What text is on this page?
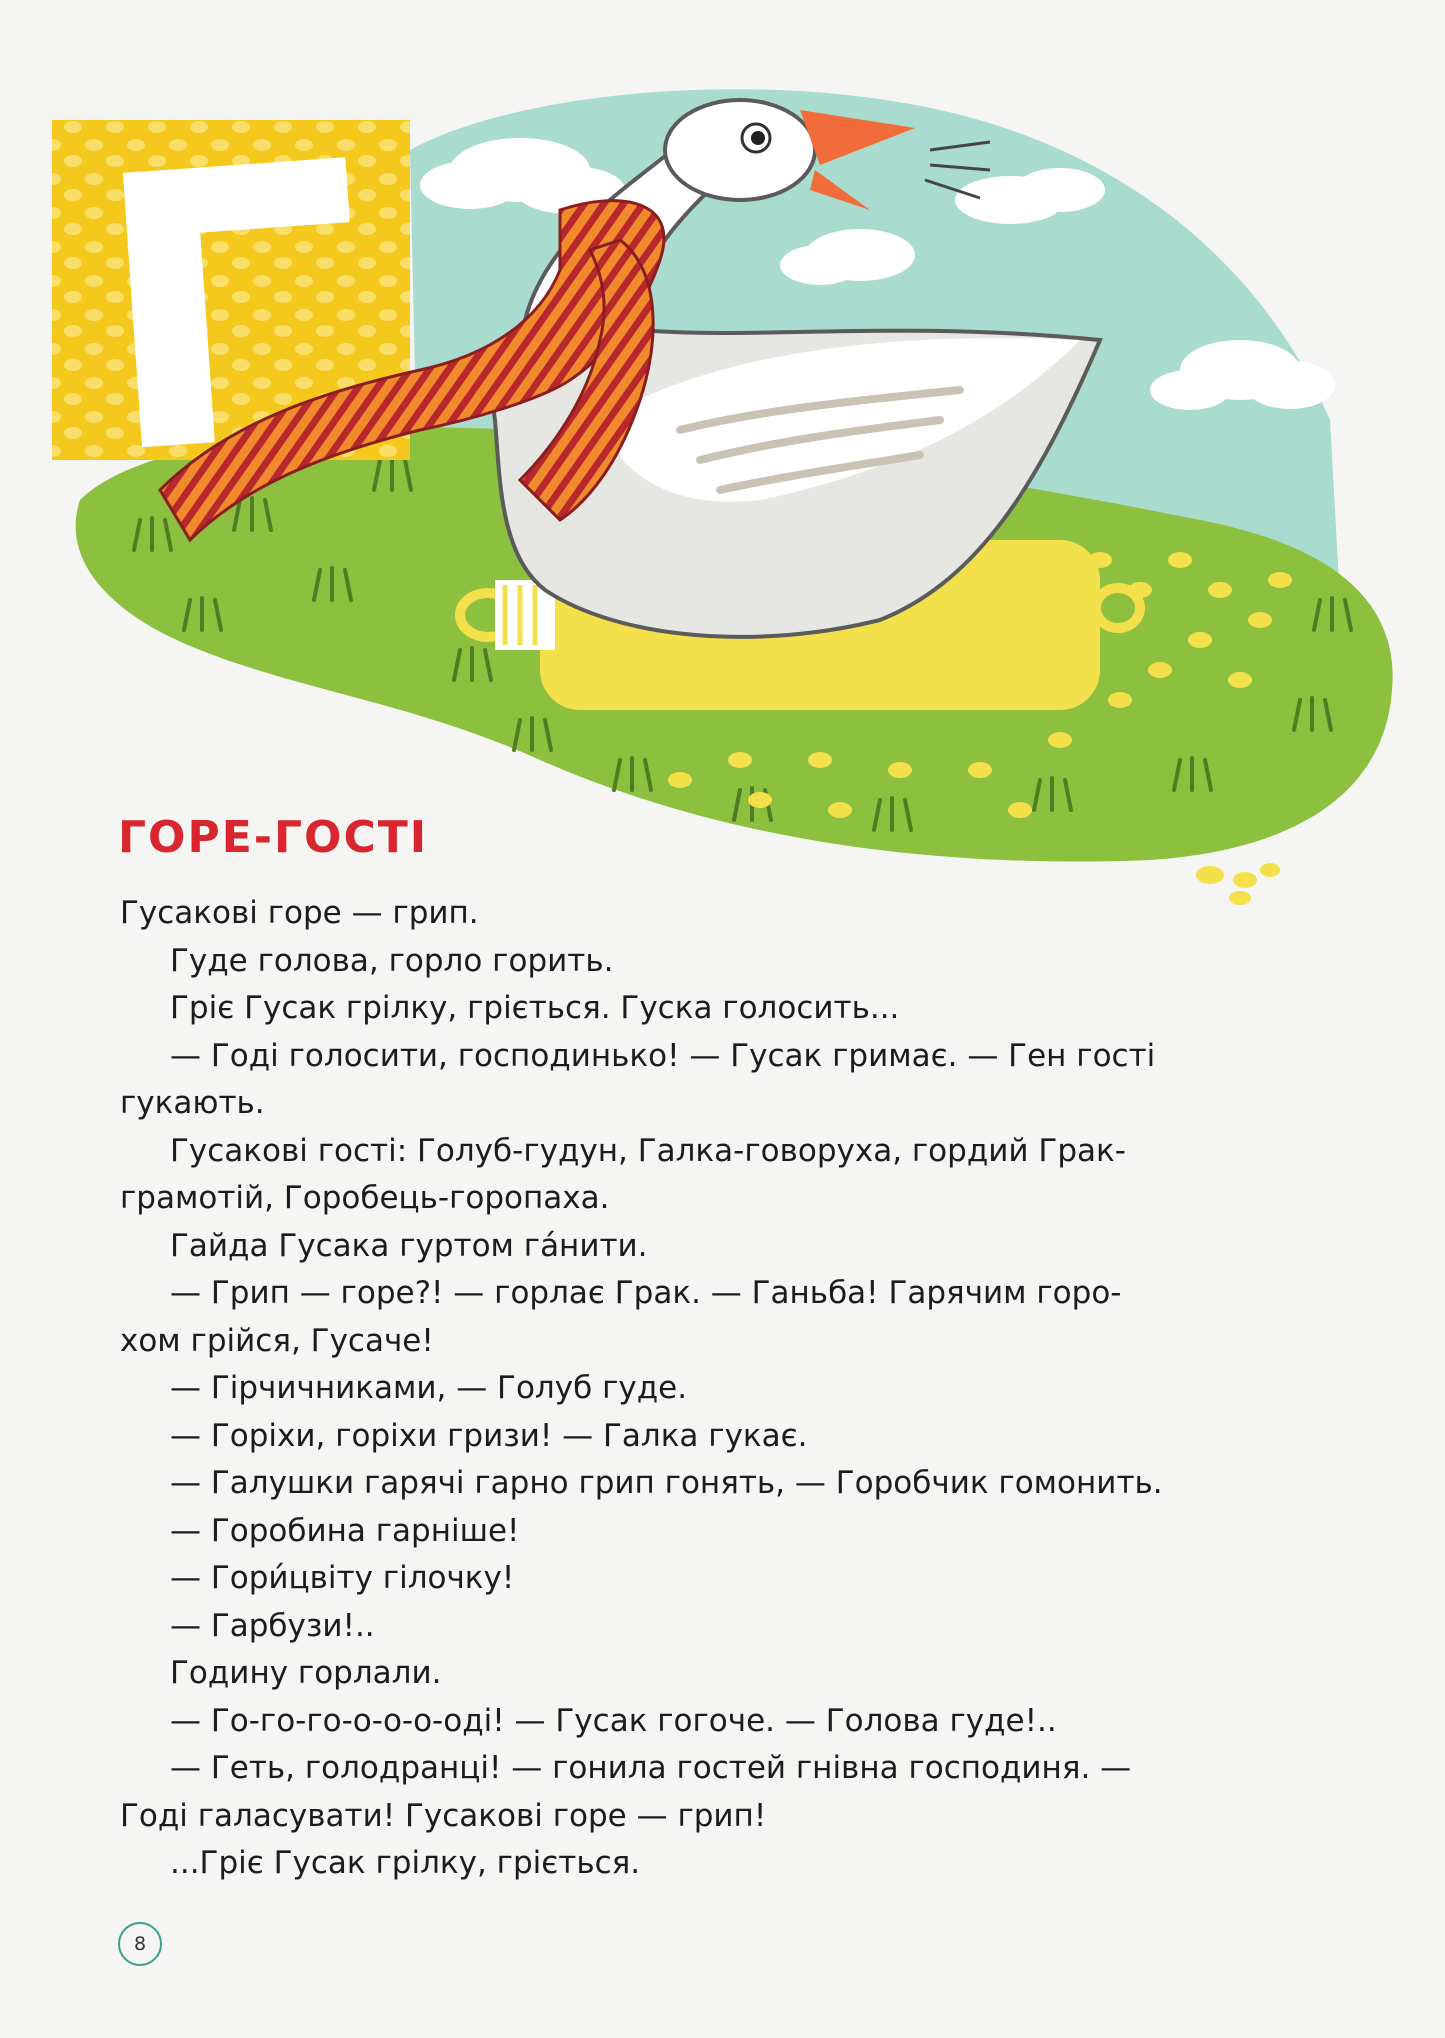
ГОРЕ-ГОСТІ
Гусакові горе — грип.
Гуде голова, горло горить.
Гріє Гусак грілку, гріється. Гуска голосить...
— Годі голосити, господинько! — Гусак гримає. — Ген гості
гукають.
Гусакові гості: Голуб-гудун, Галка-говоруха, гордий Грак-
грамотій, Горобець-горопаха.
Гайда Гусака гуртом га́нити.
— Грип — горе?! — горлає Грак. — Ганьба! Гарячим горо-
хом грійся, Гусаче!
— Гірчичниками, — Голуб гуде.
— Горіхи, горіхи гризи! — Галка гукає.
— Галушки гарячі гарно грип гонять, — Горобчик гомонить.
— Горобина гарніше!
— Гори́цвіту гілочку!
— Гарбузи!..
Годину горлали.
— Го-го-го-о-о-о-оді! — Гусак гогоче. — Голова гуде!..
— Геть, голодранці! — гонила гостей гнівна господиня. —
Годі галасувати! Гусакові горе — грип!
...Гріє Гусак грілку, гріється.
8
